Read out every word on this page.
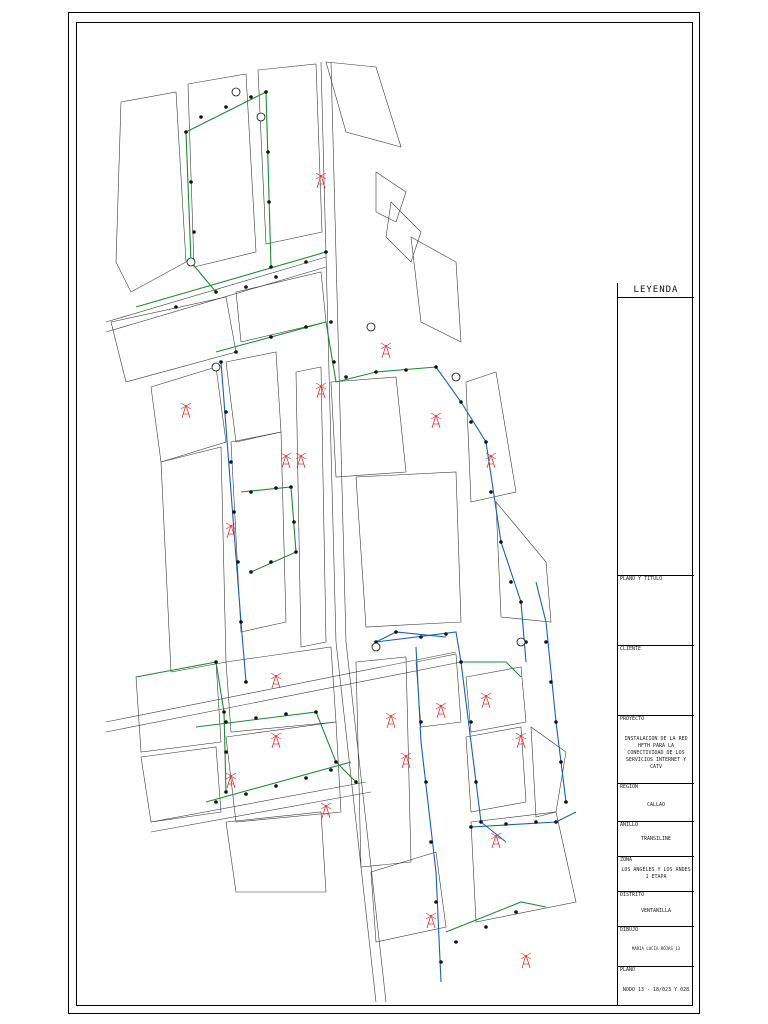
LEYENDA
PLANO Y TITULO
CLIENTE
PROYECTO
INSTALACION DE LA RED HFTH PARA LA CONECTIVIDAD DE LOS SERVICIOS INTERNET Y CATV
REGION
CALLAO
ANILLO
TRANSILINE
ZONA
LOS ANGELES Y LOS ANDES 1 ETAPA
DISTRITO
VENTANILLA
DIBUJO
MARIA LUCIA ROJAS 13
PLANO
NODO 13 - 18/023 Y 028
